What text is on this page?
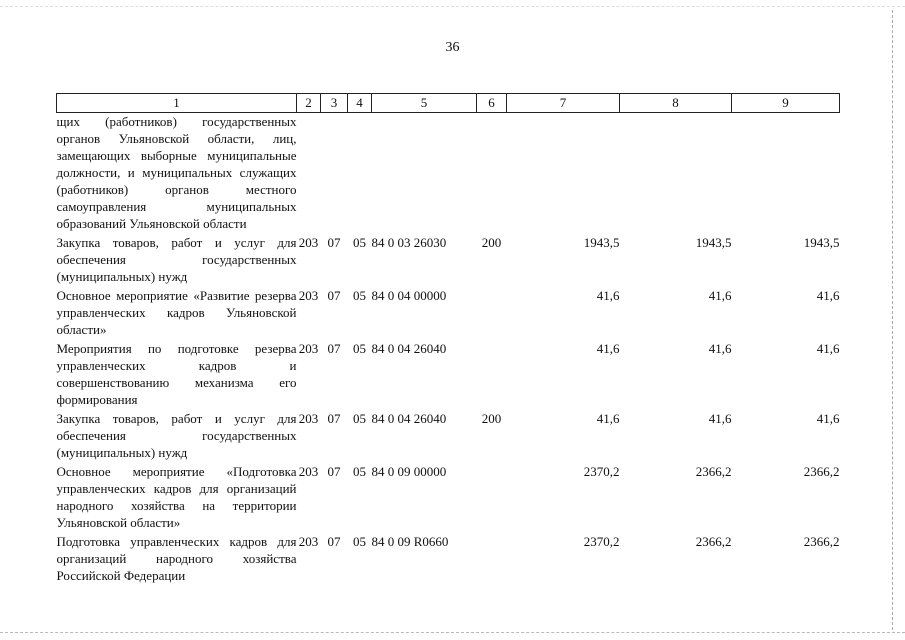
36
1	2	3	4	5	6	7	8	9
щих (работников) государственных органов Ульяновской области, лиц, замещающих выборные муниципальные должности, и муниципальных служащих (работников) органов местного самоуправления муниципальных образований Ульяновской области								
Закупка товаров, работ и услуг для обеспечения государственных (муниципальных) нужд	203	07	05	84 0 03 26030	200	1943,5	1943,5	1943,5
Основное мероприятие «Развитие резерва управленческих кадров Ульяновской области»	203	07	05	84 0 04 00000		41,6	41,6	41,6
Мероприятия по подготовке резерва управленческих кадров и совершенствованию механизма его формирования	203	07	05	84 0 04 26040		41,6	41,6	41,6
Закупка товаров, работ и услуг для обеспечения государственных (муниципальных) нужд	203	07	05	84 0 04 26040	200	41,6	41,6	41,6
Основное мероприятие «Подготовка управленческих кадров для организаций народного хозяйства на территории Ульяновской области»	203	07	05	84 0 09 00000		2370,2	2366,2	2366,2
Подготовка управленческих кадров для организаций народного хозяйства Российской Федерации	203	07	05	84 0 09 R0660		2370,2	2366,2	2366,2
